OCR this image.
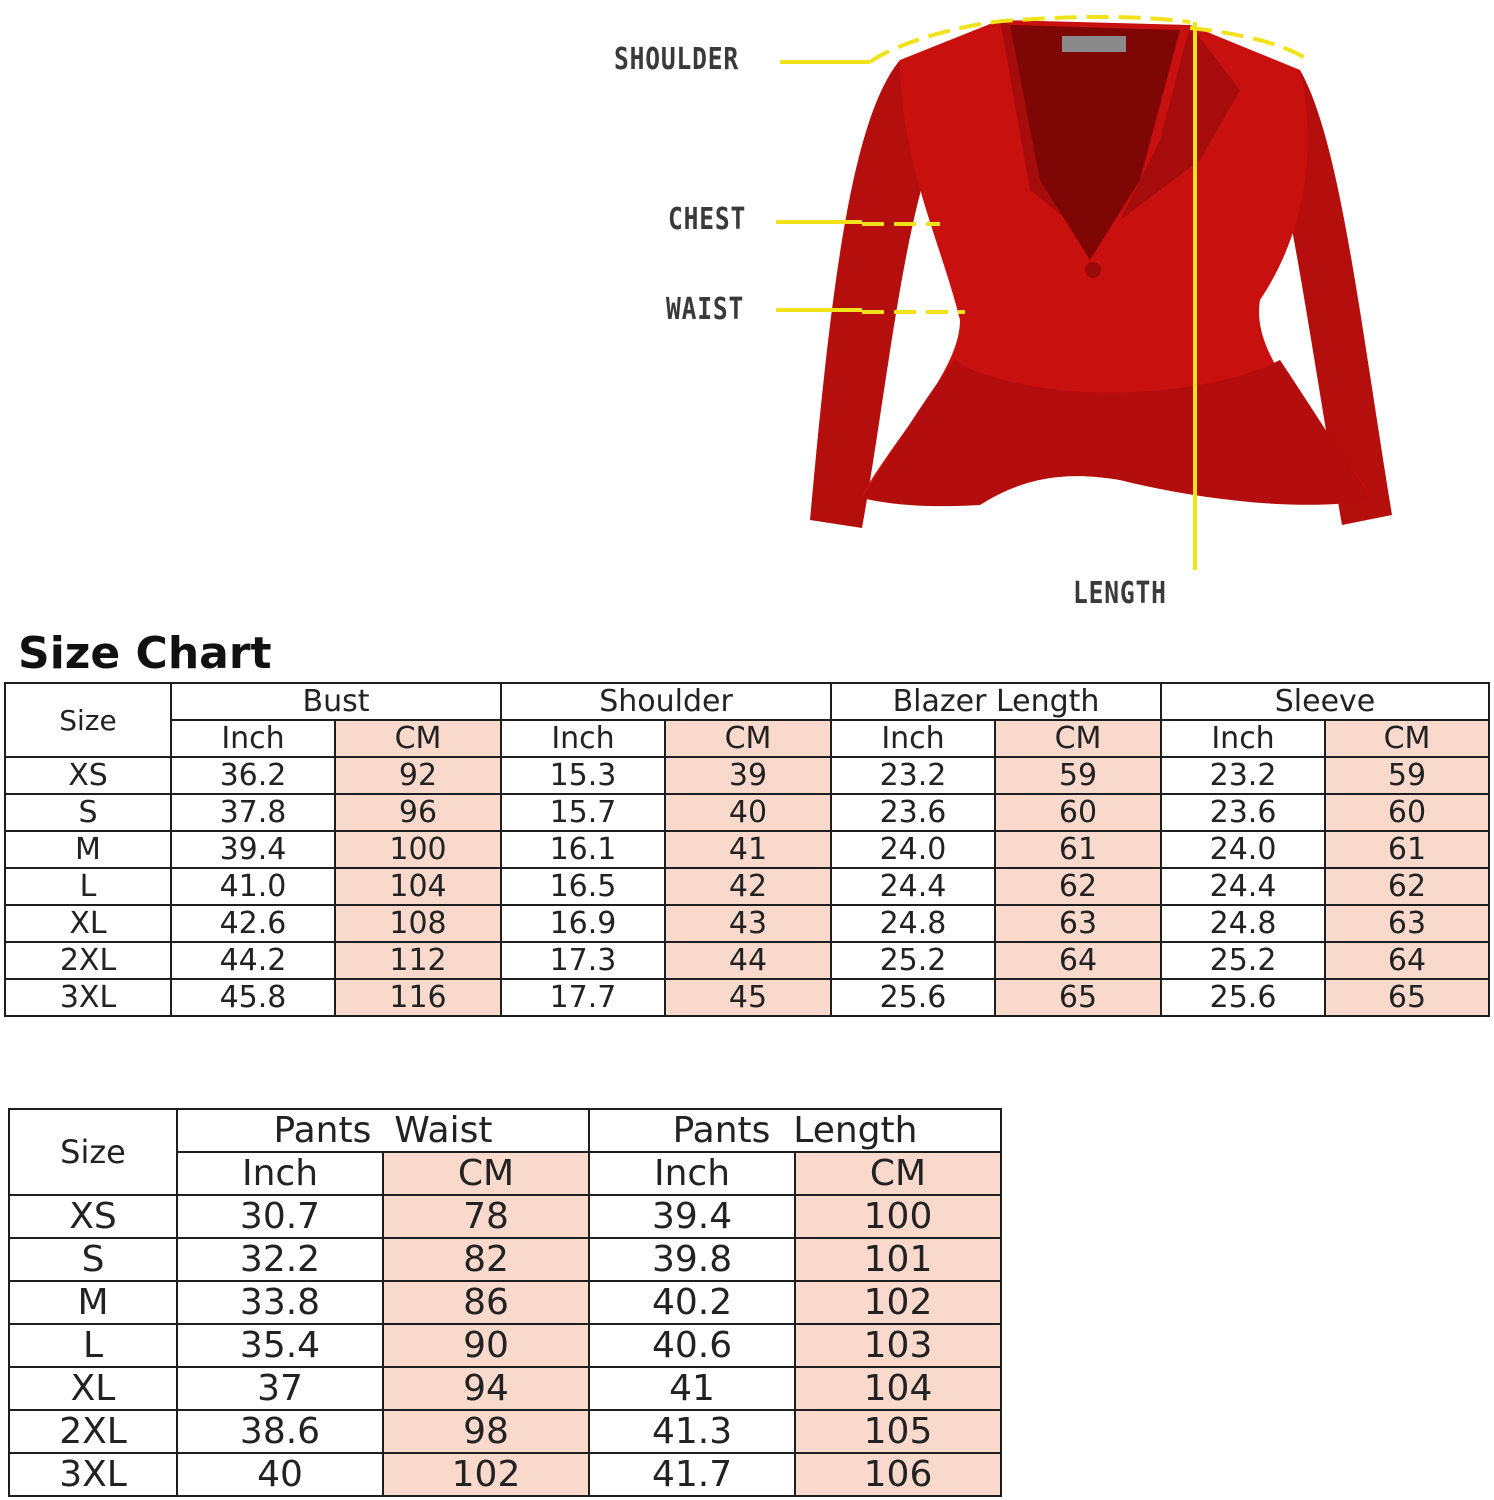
SHOULDER
CHEST
WAIST
LENGTH
Size Chart
Size	Bust		Shoulder		Blazer Length		Sleeve	
	Inch	CM	Inch	CM	Inch	CM	Inch	CM
XS	36.2	92	15.3	39	23.2	59	23.2	59
S	37.8	96	15.7	40	23.6	60	23.6	60
M	39.4	100	16.1	41	24.0	61	24.0	61
L	41.0	104	16.5	42	24.4	62	24.4	62
XL	42.6	108	16.9	43	24.8	63	24.8	63
2XL	44.2	112	17.3	44	25.2	64	25.2	64
3XL	45.8	116	17.7	45	25.6	65	25.6	65
Size	Pants  Waist		Pants  Length	
	Inch	CM	Inch	CM
XS	30.7	78	39.4	100
S	32.2	82	39.8	101
M	33.8	86	40.2	102
L	35.4	90	40.6	103
XL	37	94	41	104
2XL	38.6	98	41.3	105
3XL	40	102	41.7	106
